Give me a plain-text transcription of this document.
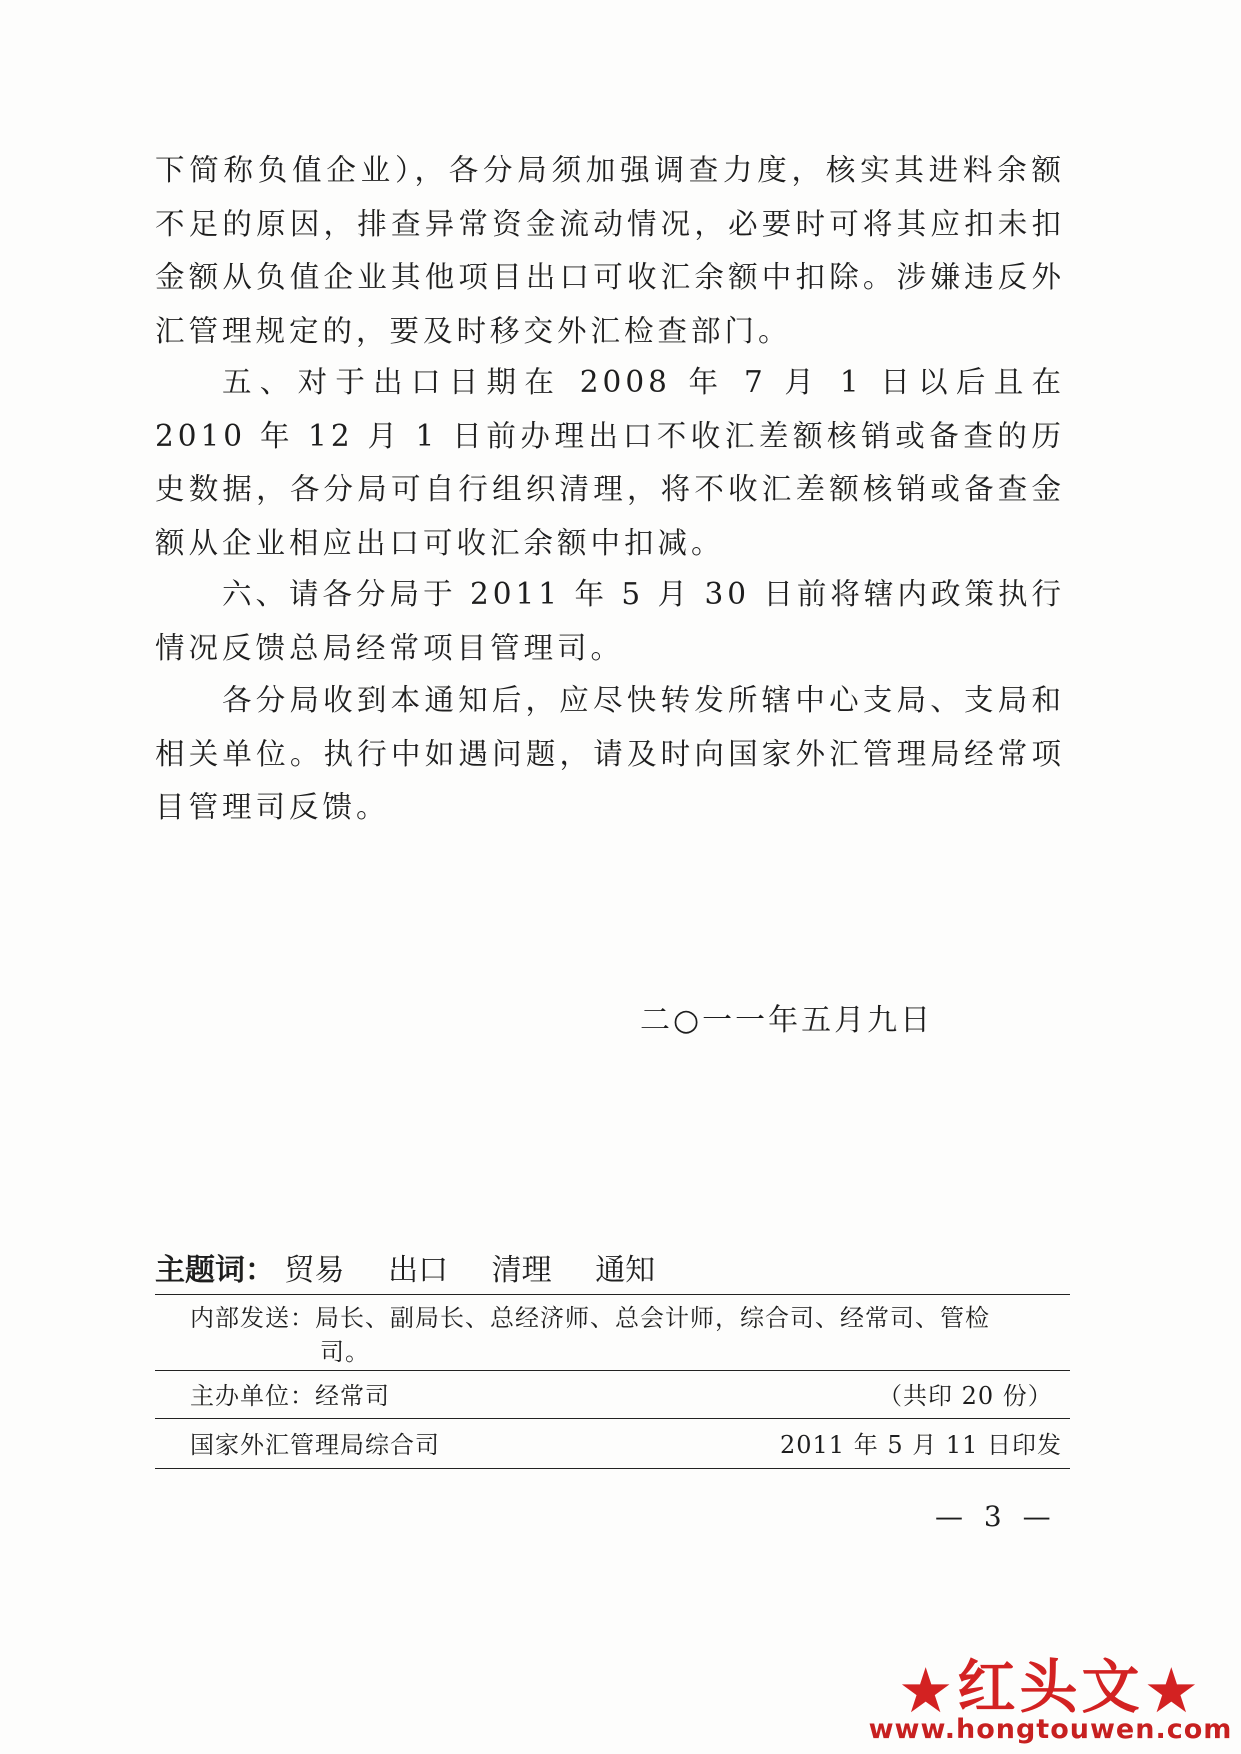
下简称负值企业），各分局须加强调查力度，核实其进料余额不足的原因，排查异常资金流动情况，必要时可将其应扣未扣金额从负值企业其他项目出口可收汇余额中扣除。涉嫌违反外汇管理规定的，要及时移交外汇检查部门。

五、对于出口日期在 2008 年 7 月 1 日以后且在 2010 年 12 月 1 日前办理出口不收汇差额核销或备查的历史数据，各分局可自行组织清理，将不收汇差额核销或备查金额从企业相应出口可收汇余额中扣减。

六、请各分局于 2011 年 5 月 30 日前将辖内政策执行情况反馈总局经常项目管理司。

各分局收到本通知后，应尽快转发所辖中心支局、支局和相关单位。执行中如遇问题，请及时向国家外汇管理局经常项目管理司反馈。

二○一一年五月九日
主题词： 贸易 出口 清理 通知
内部发送：局长、副局长、总经济师、总会计师，综合司、经常司、管检
司。
主办单位：经常司	（共印 20 份）
国家外汇管理局综合司	2011 年 5 月 11 日印发
— 3 —
★红头文★
www.hongtouwen.com
